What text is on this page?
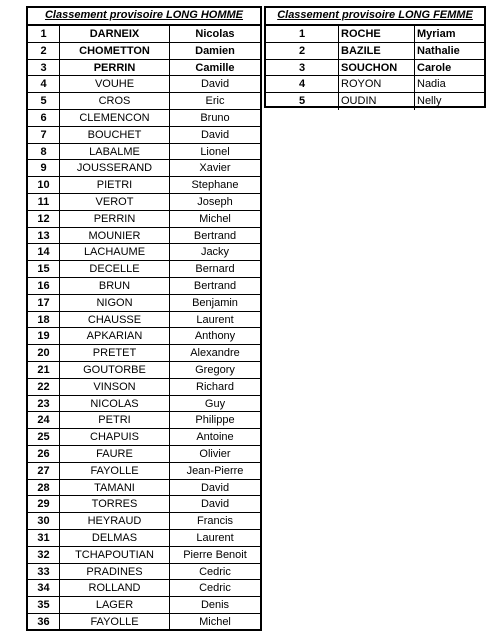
Classement provisoire LONG HOMME
1	DARNEIX	Nicolas
2	CHOMETTON	Damien
3	PERRIN	Camille
4	VOUHE	David
5	CROS	Eric
6	CLEMENCON	Bruno
7	BOUCHET	David
8	LABALME	Lionel
9	JOUSSERAND	Xavier
10	PIETRI	Stephane
11	VEROT	Joseph
12	PERRIN	Michel
13	MOUNIER	Bertrand
14	LACHAUME	Jacky
15	DECELLE	Bernard
16	BRUN	Bertrand
17	NIGON	Benjamin
18	CHAUSSE	Laurent
19	APKARIAN	Anthony
20	PRETET	Alexandre
21	GOUTORBE	Gregory
22	VINSON	Richard
23	NICOLAS	Guy
24	PETRI	Philippe
25	CHAPUIS	Antoine
26	FAURE	Olivier
27	FAYOLLE	Jean-Pierre
28	TAMANI	David
29	TORRES	David
30	HEYRAUD	Francis
31	DELMAS	Laurent
32	TCHAPOUTIAN	Pierre Benoit
33	PRADINES	Cedric
34	ROLLAND	Cedric
35	LAGER	Denis
36	FAYOLLE	Michel
Classement provisoire LONG FEMME
1	ROCHE	Myriam
2	BAZILE	Nathalie
3	SOUCHON	Carole
4	ROYON	Nadia
5	OUDIN	Nelly
